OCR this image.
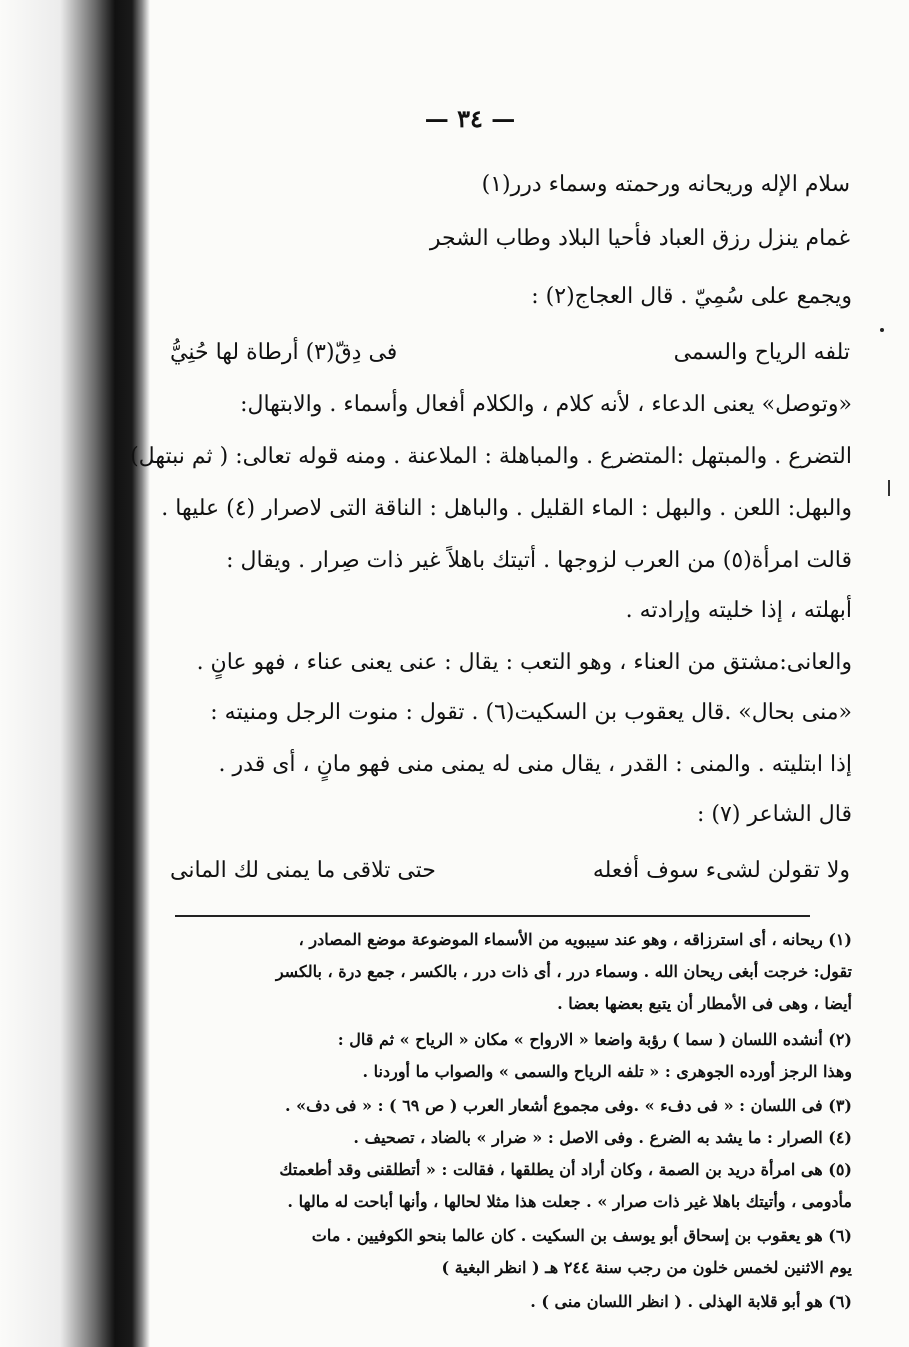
— ٣٤ —
سلام الإله وريحانه ورحمته وسماء درر(١)
غمام ينزل رزق العباد فأحيا البلاد وطاب الشجر
ويجمع على سُمِيّ . قال العجاج(٢) :
تلفه الرياح والسمى
فى دِقّ(٣) أرطاة لها حُنِيُّ
«وتوصل» يعنى الدعاء ، لأنه كلام ، والكلام أفعال وأسماء . والابتهال:
التضرع . والمبتهل :المتضرع . والمباهلة : الملاعنة . ومنه قوله تعالى: ( ثم نبتهل)
والبهل: اللعن . والبهل : الماء القليل . والباهل : الناقة التى لاصرار (٤) عليها .
قالت امرأة(٥) من العرب لزوجها . أتيتك باهلاً غير ذات صِرار . ويقال :
أبهلته ، إذا خليته وإرادته .
والعانى:مشتق من العناء ، وهو التعب : يقال : عنى يعنى عناء ، فهو عانٍ .
«منى بحال» .قال يعقوب بن السكيت(٦) . تقول : منوت الرجل ومنيته :
إذا ابتليته . والمنى : القدر ، يقال منى له يمنى منى فهو مانٍ ، أى قدر .
قال الشاعر (٧) :
ولا تقولن لشىء سوف أفعله
حتى تلاقى ما يمنى لك المانى
(١) ريحانه ، أى استرزاقه ، وهو عند سيبويه من الأسماء الموضوعة موضع المصادر ،
تقول: خرجت أبغى ريحان الله . وسماء درر ، أى ذات درر ، بالكسر ، جمع درة ، بالكسر
أيضا ، وهى فى الأمطار أن يتبع بعضها بعضا .
(٢) أنشده اللسان ( سما ) رؤبة واضعا « الارواح » مكان « الرياح » ثم قال :
وهذا الرجز أورده الجوهرى : « تلفه الرياح والسمى » والصواب ما أوردنا .
(٣) فى اللسان : « فى دفء » .وفى مجموع أشعار العرب ( ص ٦٩ ) : « فى دف» .
(٤) الصرار : ما يشد به الضرع . وفى الاصل : « ضرار » بالضاد ، تصحيف .
(٥) هى امرأة دريد بن الصمة ، وكان أراد أن يطلقها ، فقالت : « أتطلقنى وقد أطعمتك
مأدومى ، وأتيتك باهلا غير ذات صرار » . جعلت هذا مثلا لحالها ، وأنها أباحت له مالها .
(٦) هو يعقوب بن إسحاق أبو يوسف بن السكيت . كان عالما بنحو الكوفيين . مات
يوم الاثنين لخمس خلون من رجب سنة ٢٤٤ هـ ( انظر البغية )
(٦) هو أبو قلابة الهذلى . ( انظر اللسان منى ) .
